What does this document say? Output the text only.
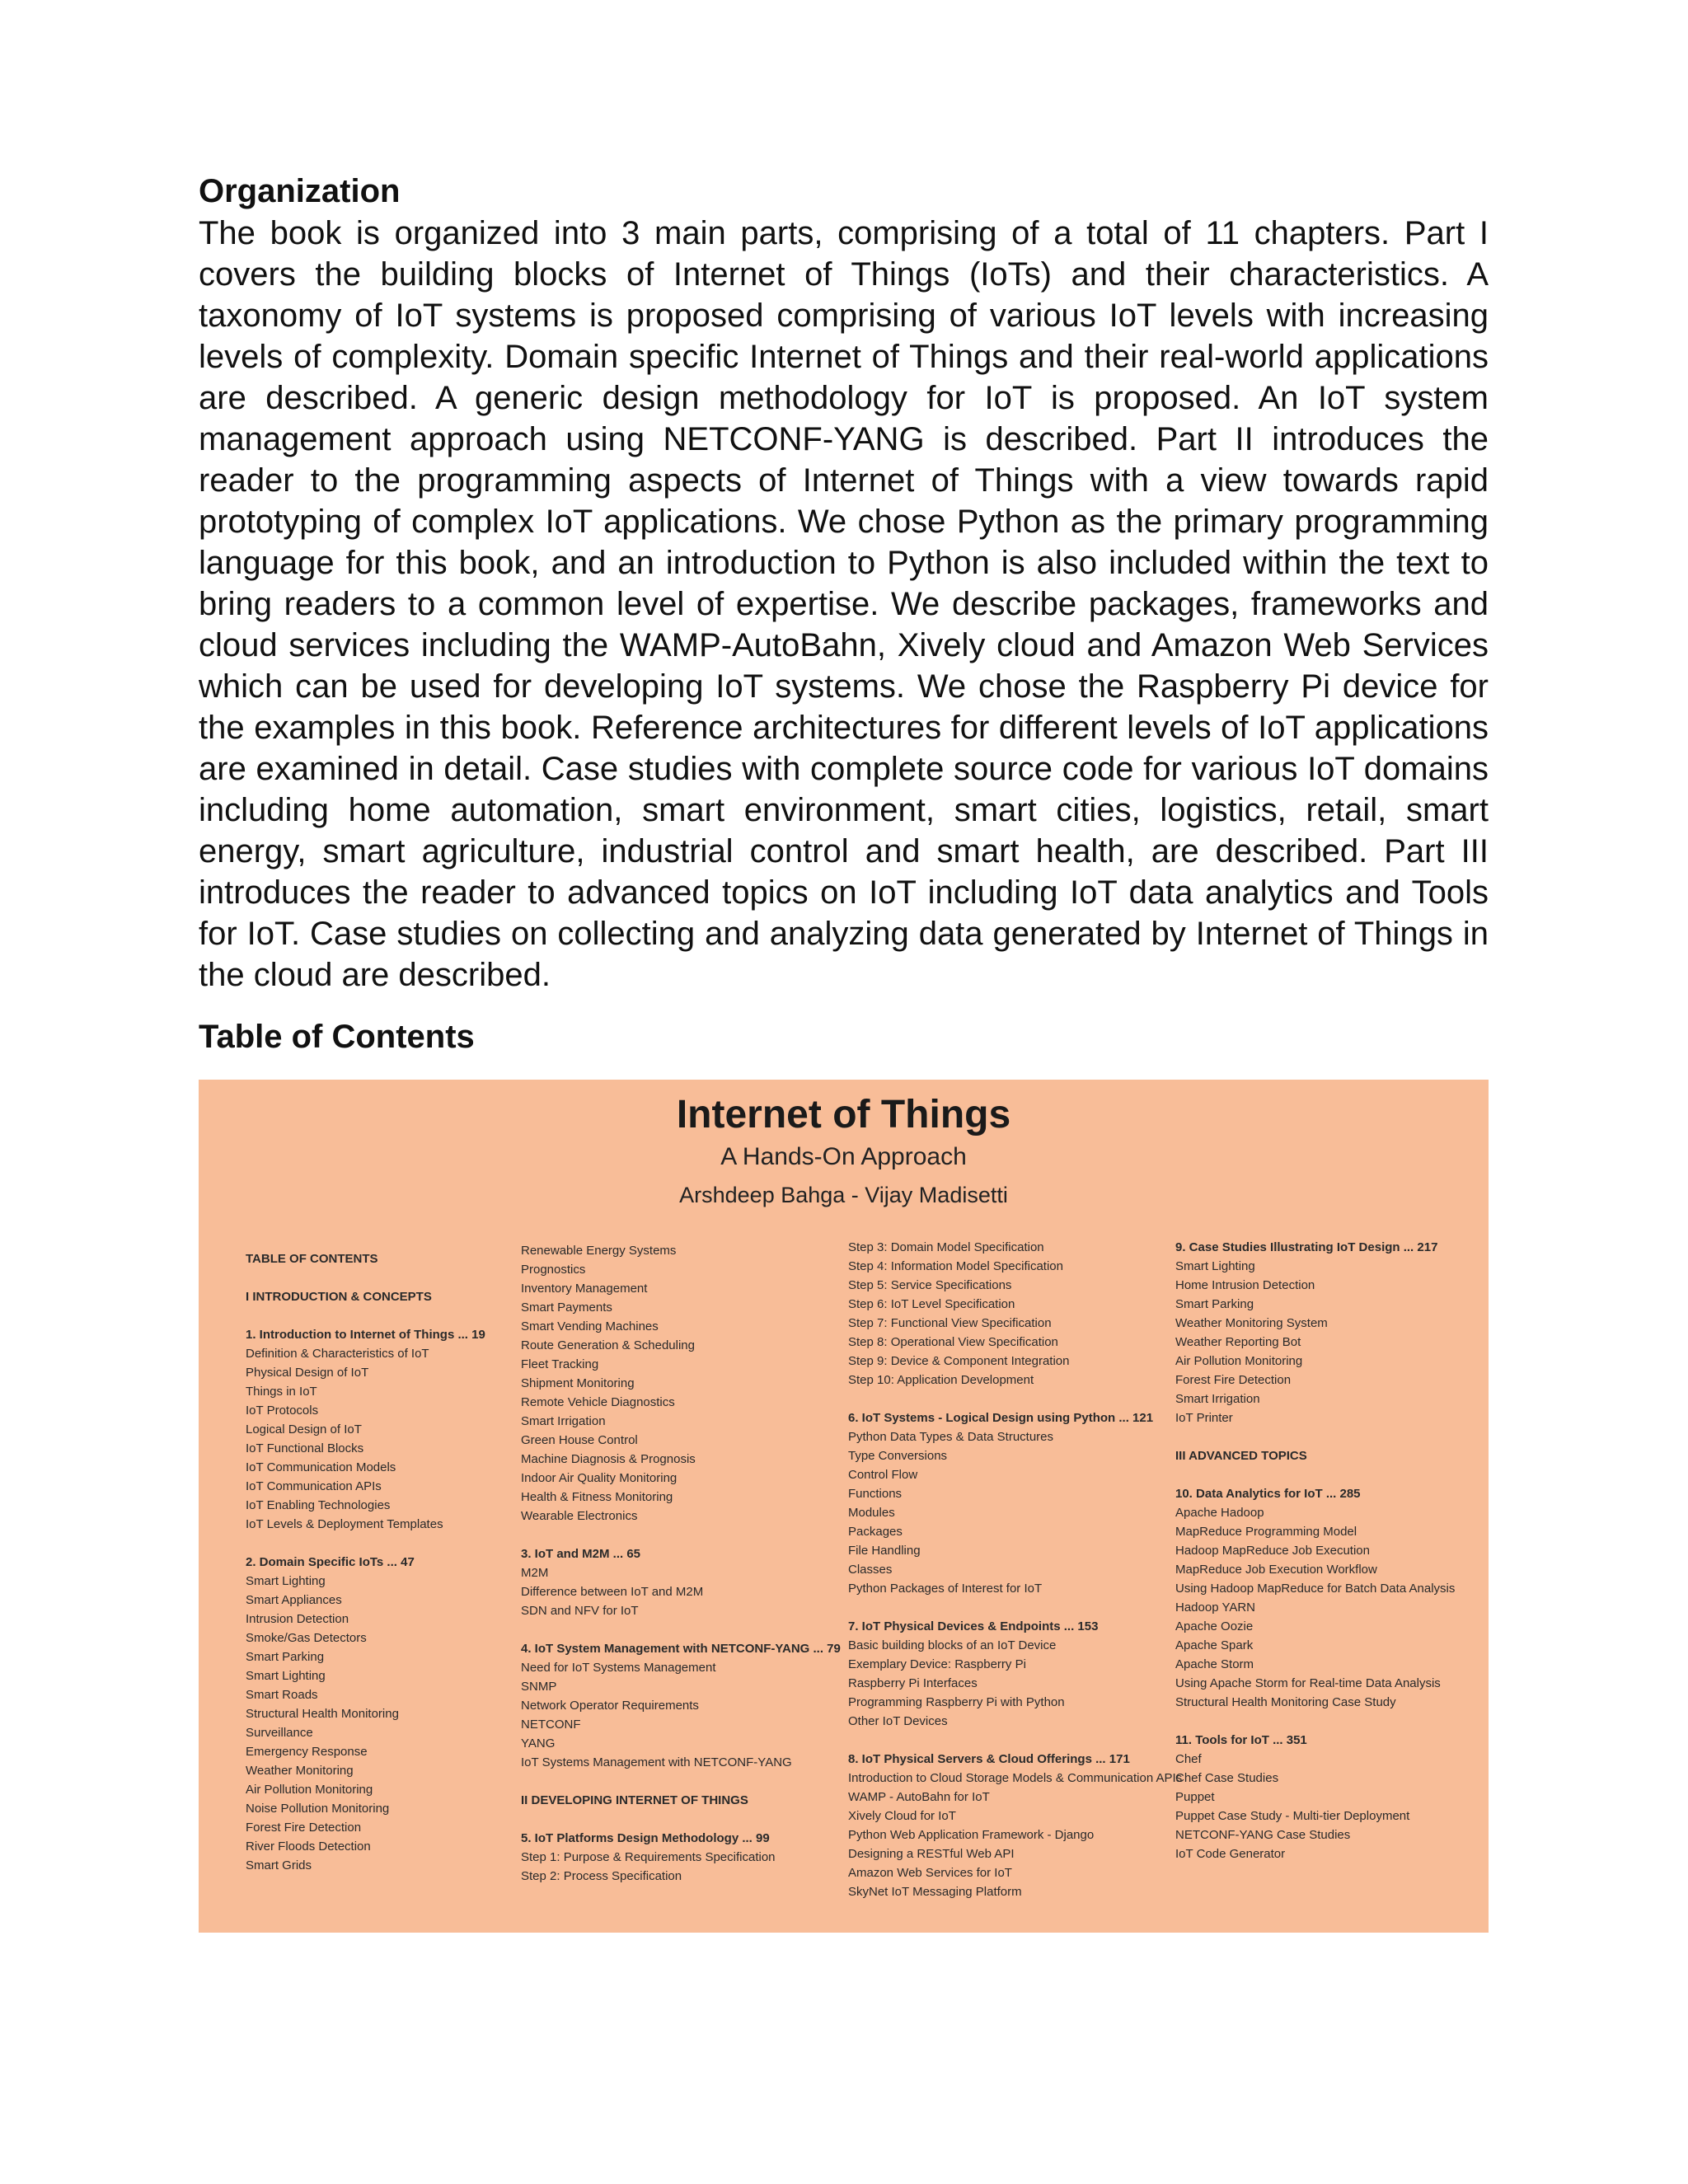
Organization
The book is organized into 3 main parts, comprising of a total of 11 chapters. Part I covers the building blocks of Internet of Things (IoTs) and their characteristics. A taxonomy of IoT systems is proposed comprising of various IoT levels with increasing levels of complexity. Domain specific Internet of Things and their real-world applications are described. A generic design methodology for IoT is proposed. An IoT system management approach using NETCONF-YANG is described. Part II introduces the reader to the programming aspects of Internet of Things with a view towards rapid prototyping of complex IoT applications. We chose Python as the primary programming language for this book, and an introduction to Python is also included within the text to bring readers to a common level of expertise. We describe packages, frameworks and cloud services including the WAMP-AutoBahn, Xively cloud and Amazon Web Services which can be used for developing IoT systems. We chose the Raspberry Pi device for the examples in this book. Reference architectures for different levels of IoT applications are examined in detail. Case studies with complete source code for various IoT domains including home automation, smart environment, smart cities, logistics, retail, smart energy, smart agriculture, industrial control and smart health, are described. Part III introduces the reader to advanced topics on IoT including IoT data analytics and Tools for IoT. Case studies on collecting and analyzing data generated by Internet of Things in the cloud are described.
Table of Contents
Internet of Things
A Hands-On Approach
Arshdeep Bahga - Vijay Madisetti
TABLE OF CONTENTS
I INTRODUCTION & CONCEPTS
1. Introduction to Internet of Things ... 19
Definition & Characteristics of IoT
Physical Design of IoT
Things in IoT
IoT Protocols
Logical Design of IoT
IoT Functional Blocks
IoT Communication Models
IoT Communication APIs
IoT Enabling Technologies
IoT Levels & Deployment Templates
2. Domain Specific IoTs ... 47
Smart Lighting
Smart Appliances
Intrusion Detection
Smoke/Gas Detectors
Smart Parking
Smart Lighting
Smart Roads
Structural Health Monitoring
Surveillance
Emergency Response
Weather Monitoring
Air Pollution Monitoring
Noise Pollution Monitoring
Forest Fire Detection
River Floods Detection
Smart Grids
Renewable Energy Systems
Prognostics
Inventory Management
Smart Payments
Smart Vending Machines
Route Generation & Scheduling
Fleet Tracking
Shipment Monitoring
Remote Vehicle Diagnostics
Smart Irrigation
Green House Control
Machine Diagnosis & Prognosis
Indoor Air Quality Monitoring
Health & Fitness Monitoring
Wearable Electronics
3. IoT and M2M ... 65
M2M
Difference between IoT and M2M
SDN and NFV for IoT
4. IoT System Management with NETCONF-YANG ... 79
Need for IoT Systems Management
SNMP
Network Operator Requirements
NETCONF
YANG
IoT Systems Management with NETCONF-YANG
II DEVELOPING INTERNET OF THINGS
5. IoT Platforms Design Methodology ... 99
Step 1: Purpose & Requirements Specification
Step 2: Process Specification
Step 3: Domain Model Specification
Step 4: Information Model Specification
Step 5: Service Specifications
Step 6: IoT Level Specification
Step 7: Functional View Specification
Step 8: Operational View Specification
Step 9: Device & Component Integration
Step 10: Application Development
6. IoT Systems - Logical Design using Python ... 121
Python Data Types & Data Structures
Type Conversions
Control Flow
Functions
Modules
Packages
File Handling
Classes
Python Packages of Interest for IoT
7. IoT Physical Devices & Endpoints ... 153
Basic building blocks of an IoT Device
Exemplary Device: Raspberry Pi
Raspberry Pi Interfaces
Programming Raspberry Pi with Python
Other IoT Devices
8. IoT Physical Servers & Cloud Offerings ... 171
Introduction to Cloud Storage Models & Communication APIs
WAMP - AutoBahn for IoT
Xively Cloud for IoT
Python Web Application Framework - Django
Designing a RESTful Web API
Amazon Web Services for IoT
SkyNet IoT Messaging Platform
9. Case Studies Illustrating IoT Design ... 217
Smart Lighting
Home Intrusion Detection
Smart Parking
Weather Monitoring System
Weather Reporting Bot
Air Pollution Monitoring
Forest Fire Detection
Smart Irrigation
IoT Printer
III ADVANCED TOPICS
10. Data Analytics for IoT ... 285
Apache Hadoop
MapReduce Programming Model
Hadoop MapReduce Job Execution
MapReduce Job Execution Workflow
Using Hadoop MapReduce for Batch Data Analysis
Hadoop YARN
Apache Oozie
Apache Spark
Apache Storm
Using Apache Storm for Real-time Data Analysis
Structural Health Monitoring Case Study
11. Tools for IoT ... 351
Chef
Chef Case Studies
Puppet
Puppet Case Study - Multi-tier Deployment
NETCONF-YANG Case Studies
IoT Code Generator
